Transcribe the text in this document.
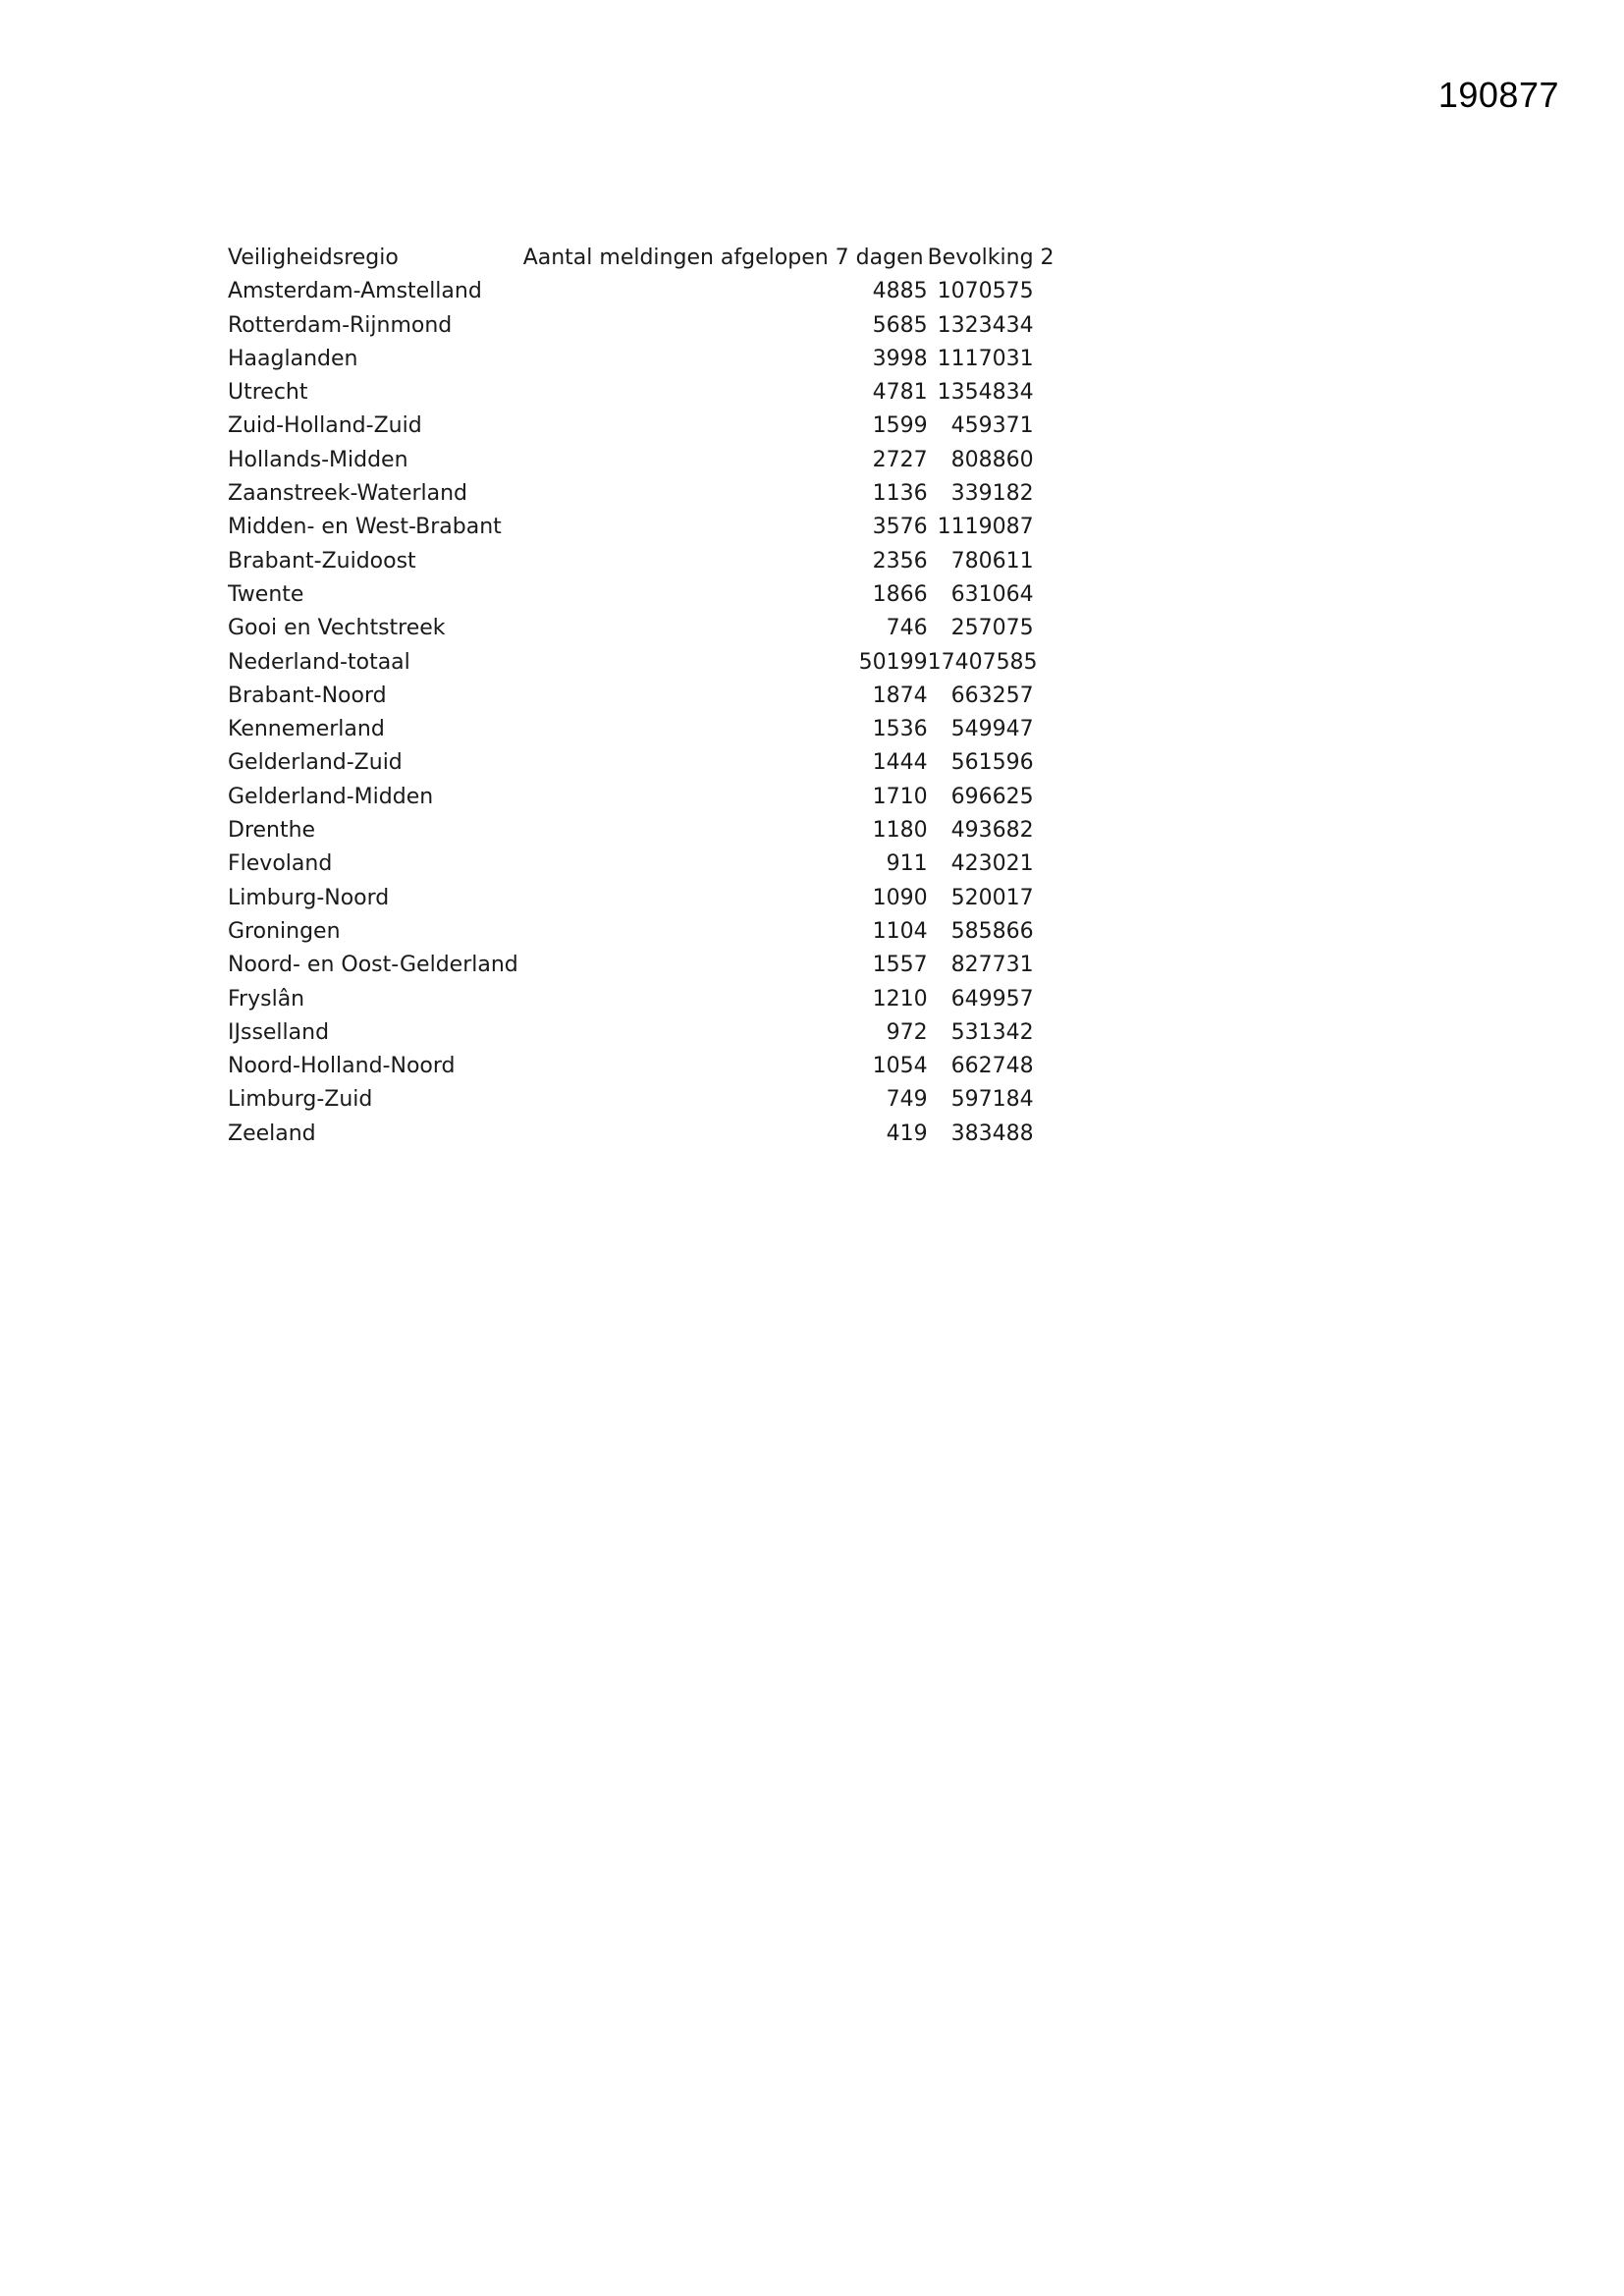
190877
Veiligheidsregio	Aantal meldingen afgelopen 7 dagen	Bevolking 2
Amsterdam-Amstelland	4885	1070575
Rotterdam-Rijnmond	5685	1323434
Haaglanden	3998	1117031
Utrecht	4781	1354834
Zuid-Holland-Zuid	1599	459371
Hollands-Midden	2727	808860
Zaanstreek-Waterland	1136	339182
Midden- en West-Brabant	3576	1119087
Brabant-Zuidoost	2356	780611
Twente	1866	631064
Gooi en Vechtstreek	746	257075
Nederland-totaal	50199	17407585
Brabant-Noord	1874	663257
Kennemerland	1536	549947
Gelderland-Zuid	1444	561596
Gelderland-Midden	1710	696625
Drenthe	1180	493682
Flevoland	911	423021
Limburg-Noord	1090	520017
Groningen	1104	585866
Noord- en Oost-Gelderland	1557	827731
Fryslân	1210	649957
IJsselland	972	531342
Noord-Holland-Noord	1054	662748
Limburg-Zuid	749	597184
Zeeland	419	383488
